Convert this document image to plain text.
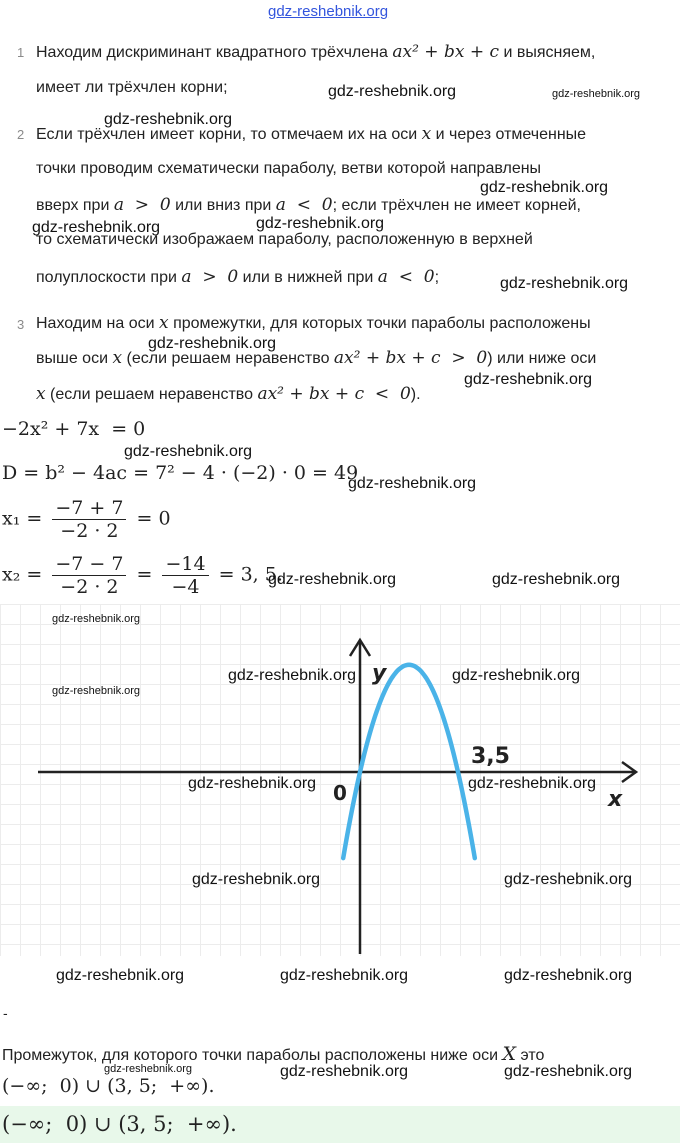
gdz-reshebnik.org
1 Находим дискриминант квадратного трёхчлена ax² + bx + c и выясняем,
имеет ли трёхчлен корни;
2 Если трёхчлен имеет корни, то отмечаем их на оси x и через отмеченные
точки проводим схематически параболу, ветви которой направлены
вверх при a  >  0 или вниз при a  <  0; если трёхчлен не имеет корней,
то схематически изображаем параболу, расположенную в верхней
полуплоскости при a  >  0 или в нижней при a  <  0;
3 Находим на оси x промежутки, для которых точки параболы расположены
выше оси x (если решаем неравенство ax² + bx + c  >  0) или ниже оси
x (если решаем неравенство ax² + bx + c  <  0).
−2x² + 7x  = 0
D = b² − 4ac = 7² − 4 · (−2) · 0 = 49
$x_1 = \frac{-7 + 7}{-2 \cdot 2} = 0$
$x_2 = \frac{-7 - 7}{-2 \cdot 2} = \frac{-14}{-4} = 3$, 5.
y
x
0
3,5
-
Промежуток, для которого точки параболы расположены ниже оси X это
(−∞;  0) ∪ (3, 5;  +∞).
(−∞;  0) ∪ (3, 5;  +∞).
gdz-reshebnik.org	gdz-reshebnik.org
gdz-reshebnik.org
gdz-reshebnik.org
gdz-reshebnik.org	gdz-reshebnik.org
gdz-reshebnik.org
gdz-reshebnik.org
gdz-reshebnik.org
gdz-reshebnik.org
gdz-reshebnik.org
gdz-reshebnik.org	gdz-reshebnik.org
gdz-reshebnik.org
gdz-reshebnik.org	gdz-reshebnik.org
gdz-reshebnik.org
gdz-reshebnik.org	gdz-reshebnik.org
gdz-reshebnik.org	gdz-reshebnik.org
gdz-reshebnik.org	gdz-reshebnik.org	gdz-reshebnik.org
gdz-reshebnik.org	gdz-reshebnik.org	gdz-reshebnik.org
